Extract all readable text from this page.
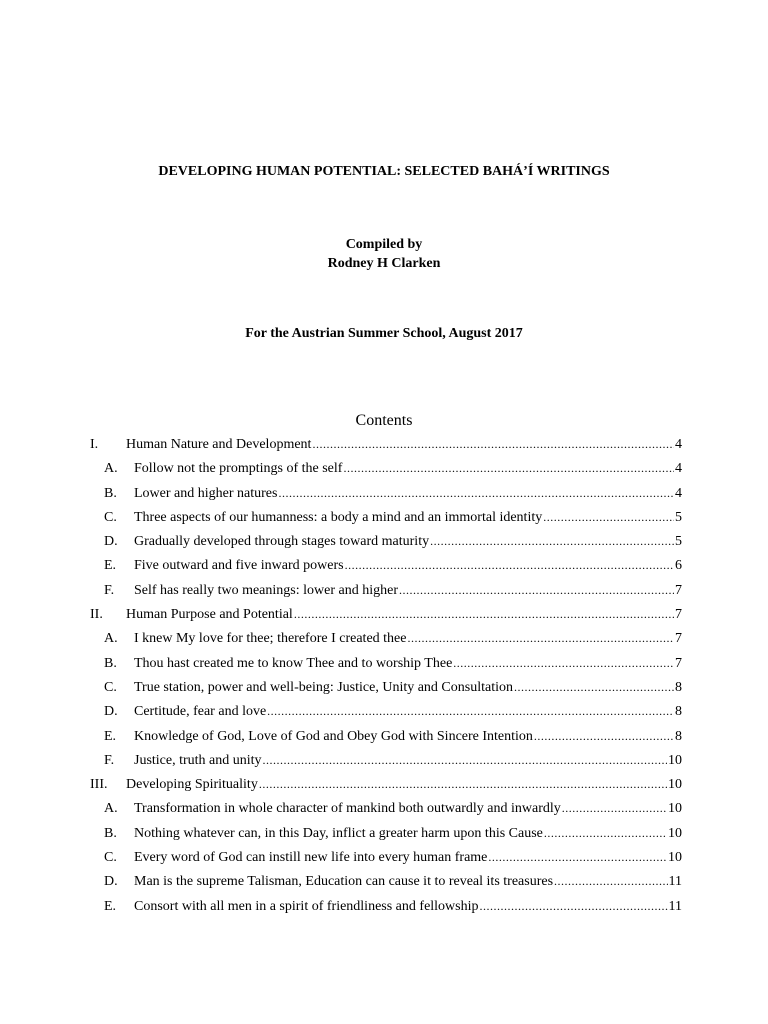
DEVELOPING HUMAN POTENTIAL: SELECTED BAHÁ’Í WRITINGS
Compiled by
Rodney H Clarken
For the Austrian Summer School, August 2017
Contents
I.	Human Nature and Development .....	4
A.	Follow not the promptings of the self .....	4
B.	Lower and higher natures .....	4
C.	Three aspects of our humanness: a body a mind and an immortal identity .....	5
D.	Gradually developed through stages toward maturity .....	5
E.	Five outward and five inward powers .....	6
F.	Self has really two meanings: lower and higher .....	7
II.	Human Purpose and Potential .....	7
A.	I knew My love for thee; therefore I created thee .....	7
B.	Thou hast created me to know Thee and to worship Thee .....	7
C.	True station, power and well-being: Justice, Unity and Consultation .....	8
D.	Certitude, fear and love .....	8
E.	Knowledge of God, Love of God and Obey God with Sincere Intention .....	8
F.	Justice, truth and unity .....	10
III.	Developing Spirituality .....	10
A.	Transformation in whole character of mankind both outwardly and inwardly .....	10
B.	Nothing whatever can, in this Day, inflict a greater harm upon this Cause .....	10
C.	Every word of God can instill new life into every human frame .....	10
D.	Man is the supreme Talisman, Education can cause it to reveal its treasures .....	11
E.	Consort with all men in a spirit of friendliness and fellowship .....	11
